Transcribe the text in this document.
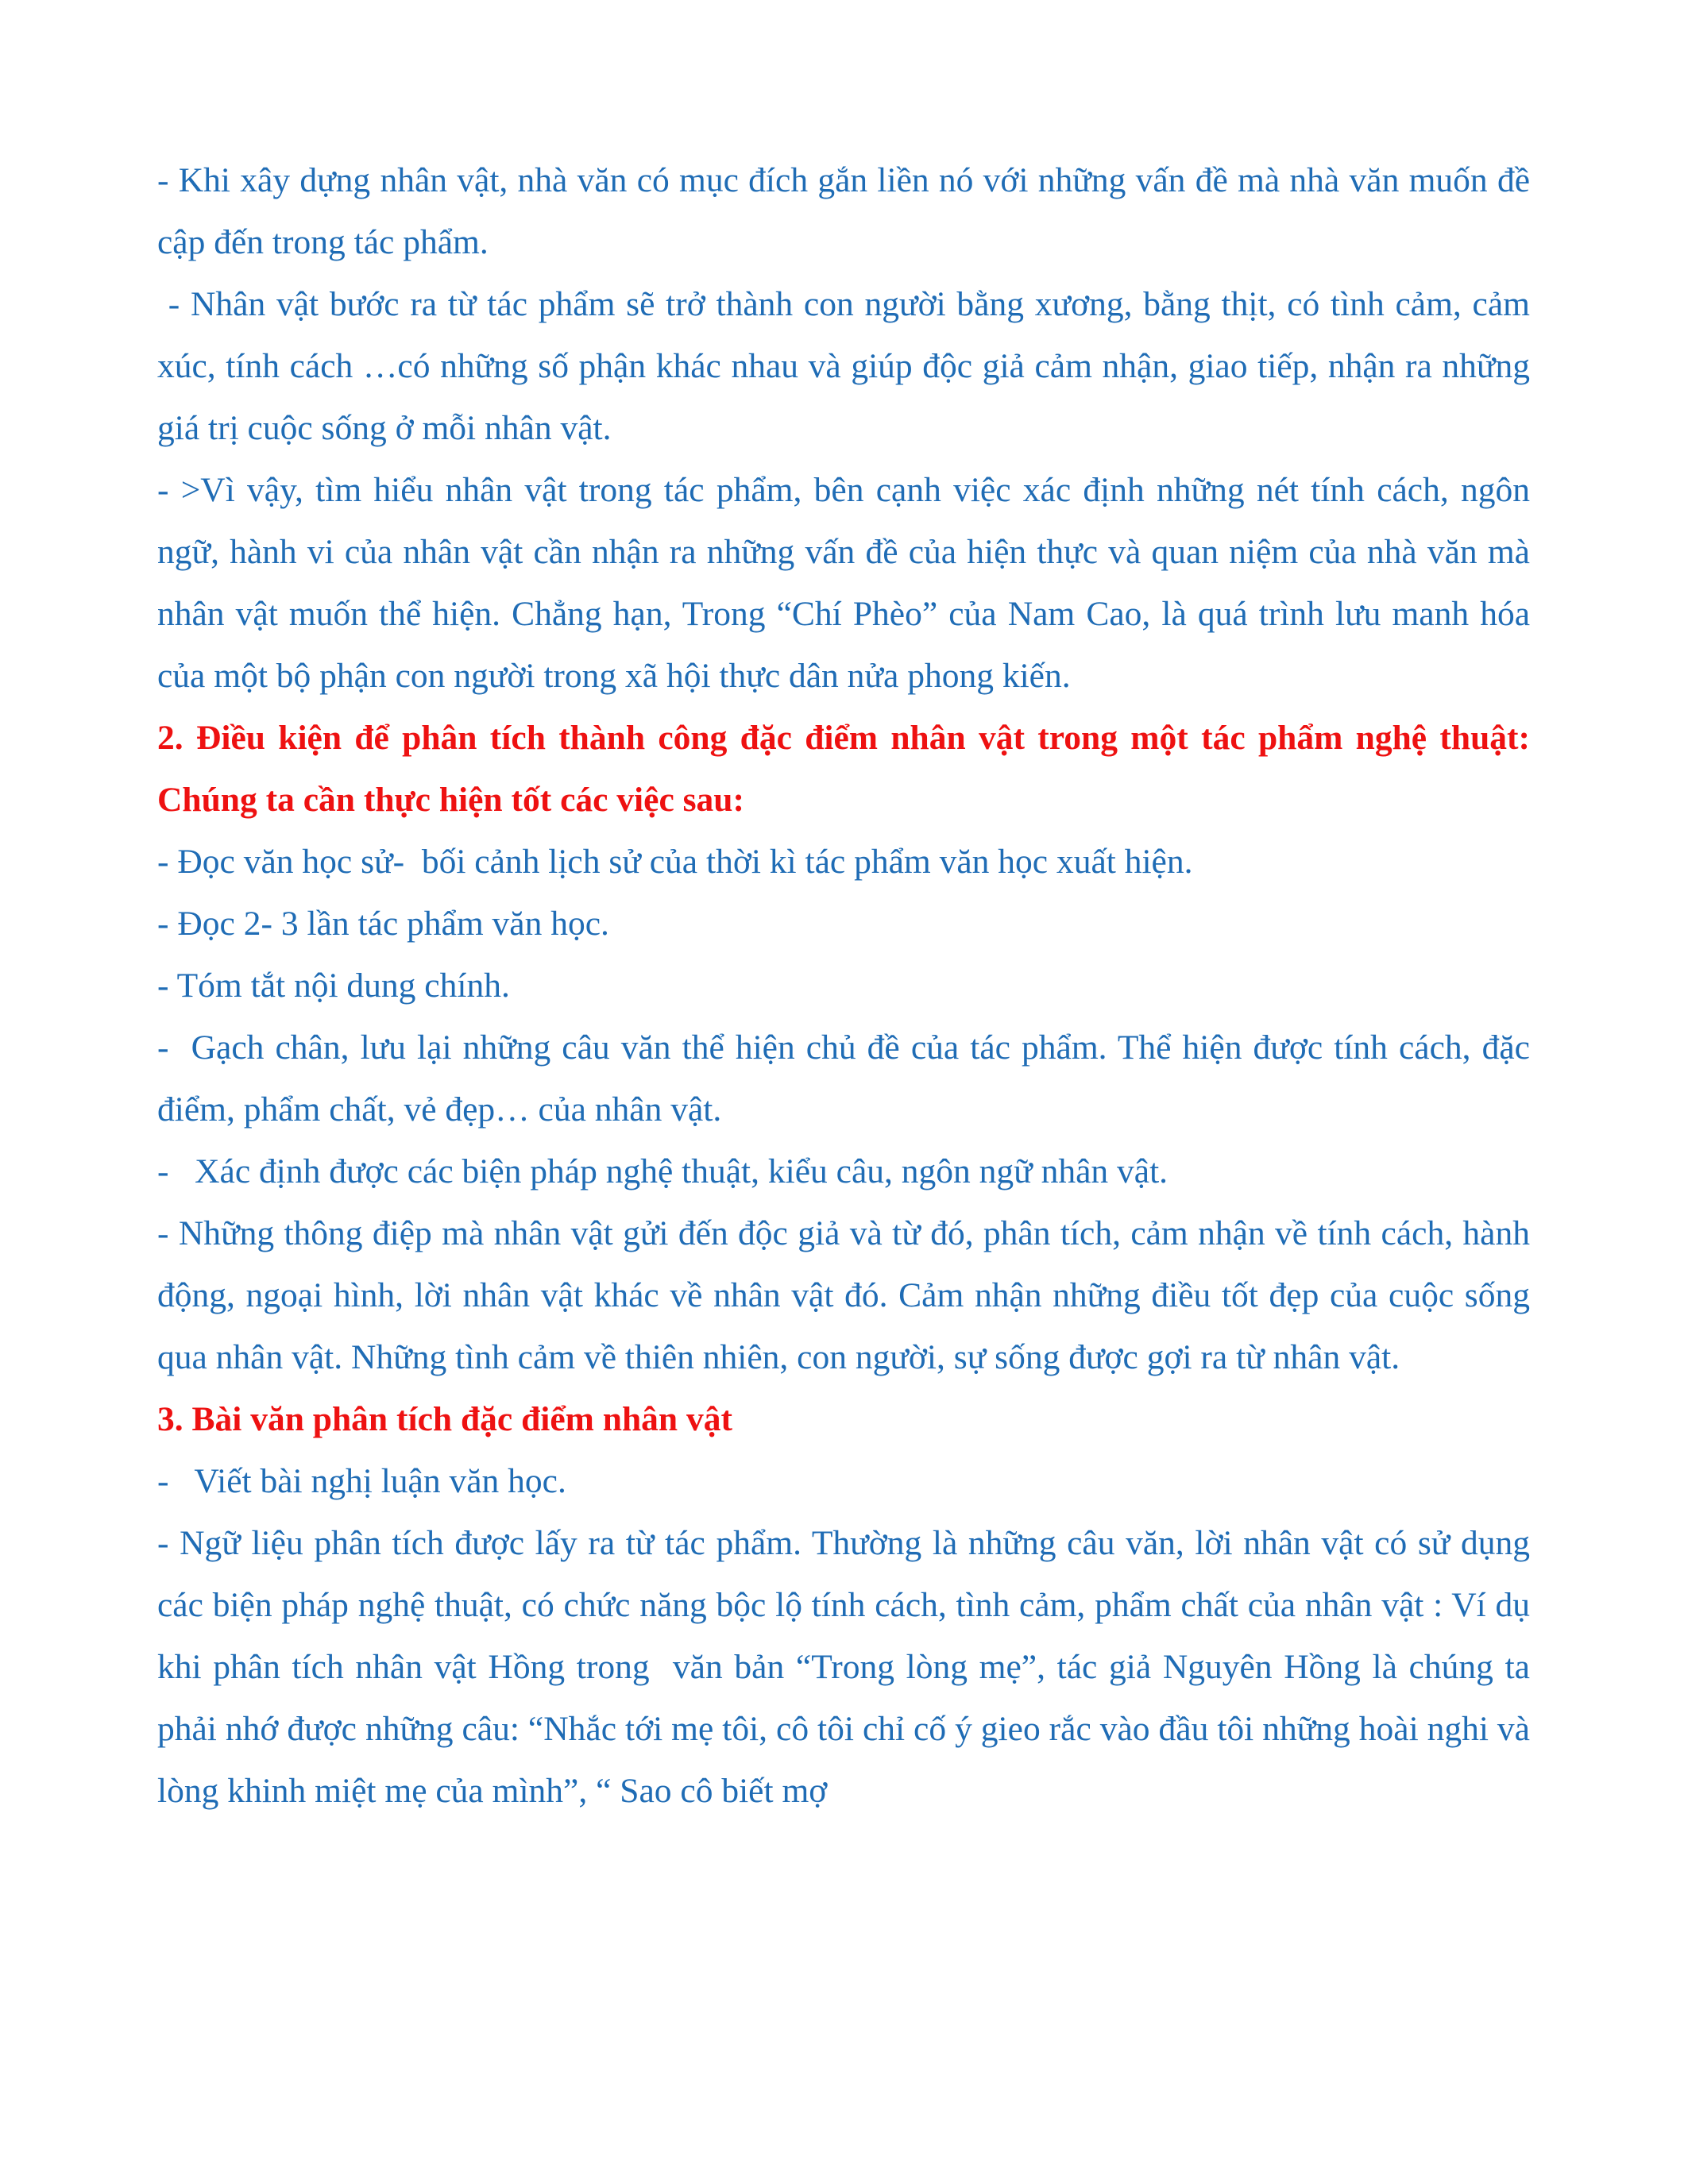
- Khi xây dựng nhân vật, nhà văn có mục đích gắn liền nó với những vấn đề mà nhà văn muốn đề cập đến trong tác phẩm.

- Nhân vật bước ra từ tác phẩm sẽ trở thành con người bằng xương, bằng thịt, có tình cảm, cảm xúc, tính cách …có những số phận khác nhau và giúp độc giả cảm nhận, giao tiếp, nhận ra những giá trị cuộc sống ở mỗi nhân vật.

- >Vì vậy, tìm hiểu nhân vật trong tác phẩm, bên cạnh việc xác định những nét tính cách, ngôn ngữ, hành vi của nhân vật cần nhận ra những vấn đề của hiện thực và quan niệm của nhà văn mà nhân vật muốn thể hiện. Chẳng hạn, Trong “Chí Phèo” của Nam Cao, là quá trình lưu manh hóa của một bộ phận con người trong xã hội thực dân nửa phong kiến.

2. Điều kiện để phân tích thành công đặc điểm nhân vật trong một tác phẩm nghệ thuật: Chúng ta cần thực hiện tốt các việc sau:

- Đọc văn học sử-  bối cảnh lịch sử của thời kì tác phẩm văn học xuất hiện.

- Đọc 2- 3 lần tác phẩm văn học.

- Tóm tắt nội dung chính.

-  Gạch chân, lưu lại những câu văn thể hiện chủ đề của tác phẩm. Thể hiện được tính cách, đặc điểm, phẩm chất, vẻ đẹp… của nhân vật.

-   Xác định được các biện pháp nghệ thuật, kiểu câu, ngôn ngữ nhân vật.

- Những thông điệp mà nhân vật gửi đến độc giả và từ đó, phân tích, cảm nhận về tính cách, hành động, ngoại hình, lời nhân vật khác về nhân vật đó. Cảm nhận những điều tốt đẹp của cuộc sống qua nhân vật. Những tình cảm về thiên nhiên, con người, sự sống được gợi ra từ nhân vật.

3. Bài văn phân tích đặc điểm nhân vật

-   Viết bài nghị luận văn học.

- Ngữ liệu phân tích được lấy ra từ tác phẩm. Thường là những câu văn, lời nhân vật có sử dụng các biện pháp nghệ thuật, có chức năng bộc lộ tính cách, tình cảm, phẩm chất của nhân vật : Ví dụ khi phân tích nhân vật Hồng trong  văn bản “Trong lòng mẹ”, tác giả Nguyên Hồng là chúng ta phải nhớ được những câu: “Nhắc tới mẹ tôi, cô tôi chỉ cố ý gieo rắc vào đầu tôi những hoài nghi và lòng khinh miệt mẹ của mình”, “ Sao cô biết mợ
